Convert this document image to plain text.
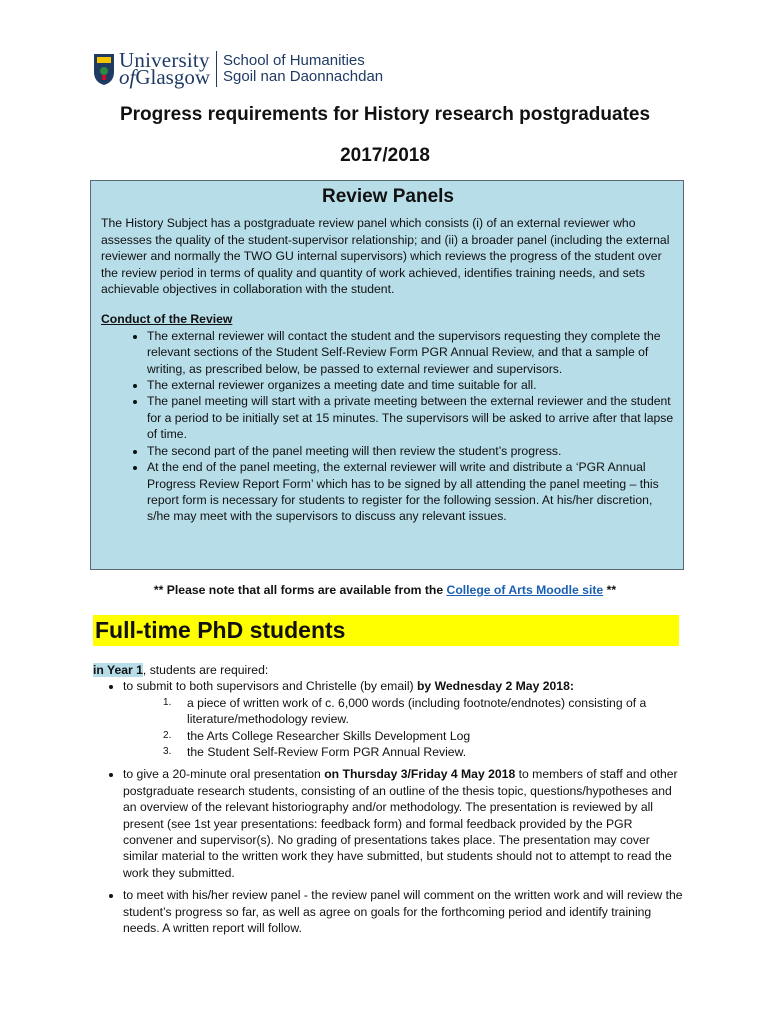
University
ofGlasgow
School of Humanities
Sgoil nan Daonnachdan
Progress requirements for History research postgraduates
2017/2018
Review Panels

The History Subject has a postgraduate review panel which consists (i) of an external reviewer who assesses the quality of the student-supervisor relationship; and (ii) a broader panel (including the external reviewer and normally the TWO GU internal supervisors) which reviews the progress of the student over the review period in terms of quality and quantity of work achieved, identifies training needs, and sets achievable objectives in collaboration with the student.

Conduct of the Review

• The external reviewer will contact the student and the supervisors requesting they complete the relevant sections of the Student Self-Review Form PGR Annual Review, and that a sample of writing, as prescribed below, be passed to external reviewer and supervisors.
• The external reviewer organizes a meeting date and time suitable for all.
• The panel meeting will start with a private meeting between the external reviewer and the student for a period to be initially set at 15 minutes. The supervisors will be asked to arrive after that lapse of time.
• The second part of the panel meeting will then review the student’s progress.
• At the end of the panel meeting, the external reviewer will write and distribute a ‘PGR Annual Progress Review Report Form’ which has to be signed by all attending the panel meeting – this report form is necessary for students to register for the following session. At his/her discretion, s/he may meet with the supervisors to discuss any relevant issues.
** Please note that all forms are available from the College of Arts Moodle site **
Full-time PhD students
in Year 1, students are required:
• to submit to both supervisors and Christelle (by email) by Wednesday 2 May 2018:
a piece of written work of c. 6,000 words (including footnote/endnotes) consisting of a literature/methodology review.
the Arts College Researcher Skills Development Log
the Student Self-Review Form PGR Annual Review.
• to give a 20-minute oral presentation on Thursday 3/Friday 4 May 2018 to members of staff and other postgraduate research students, consisting of an outline of the thesis topic, questions/hypotheses and an overview of the relevant historiography and/or methodology. The presentation is reviewed by all present (see 1st year presentations: feedback form) and formal feedback provided by the PGR convener and supervisor(s). No grading of presentations takes place. The presentation may cover similar material to the written work they have submitted, but students should not to attempt to read the work they submitted.
• to meet with his/her review panel - the review panel will comment on the written work and will review the student’s progress so far, as well as agree on goals for the forthcoming period and identify training needs. A written report will follow.
